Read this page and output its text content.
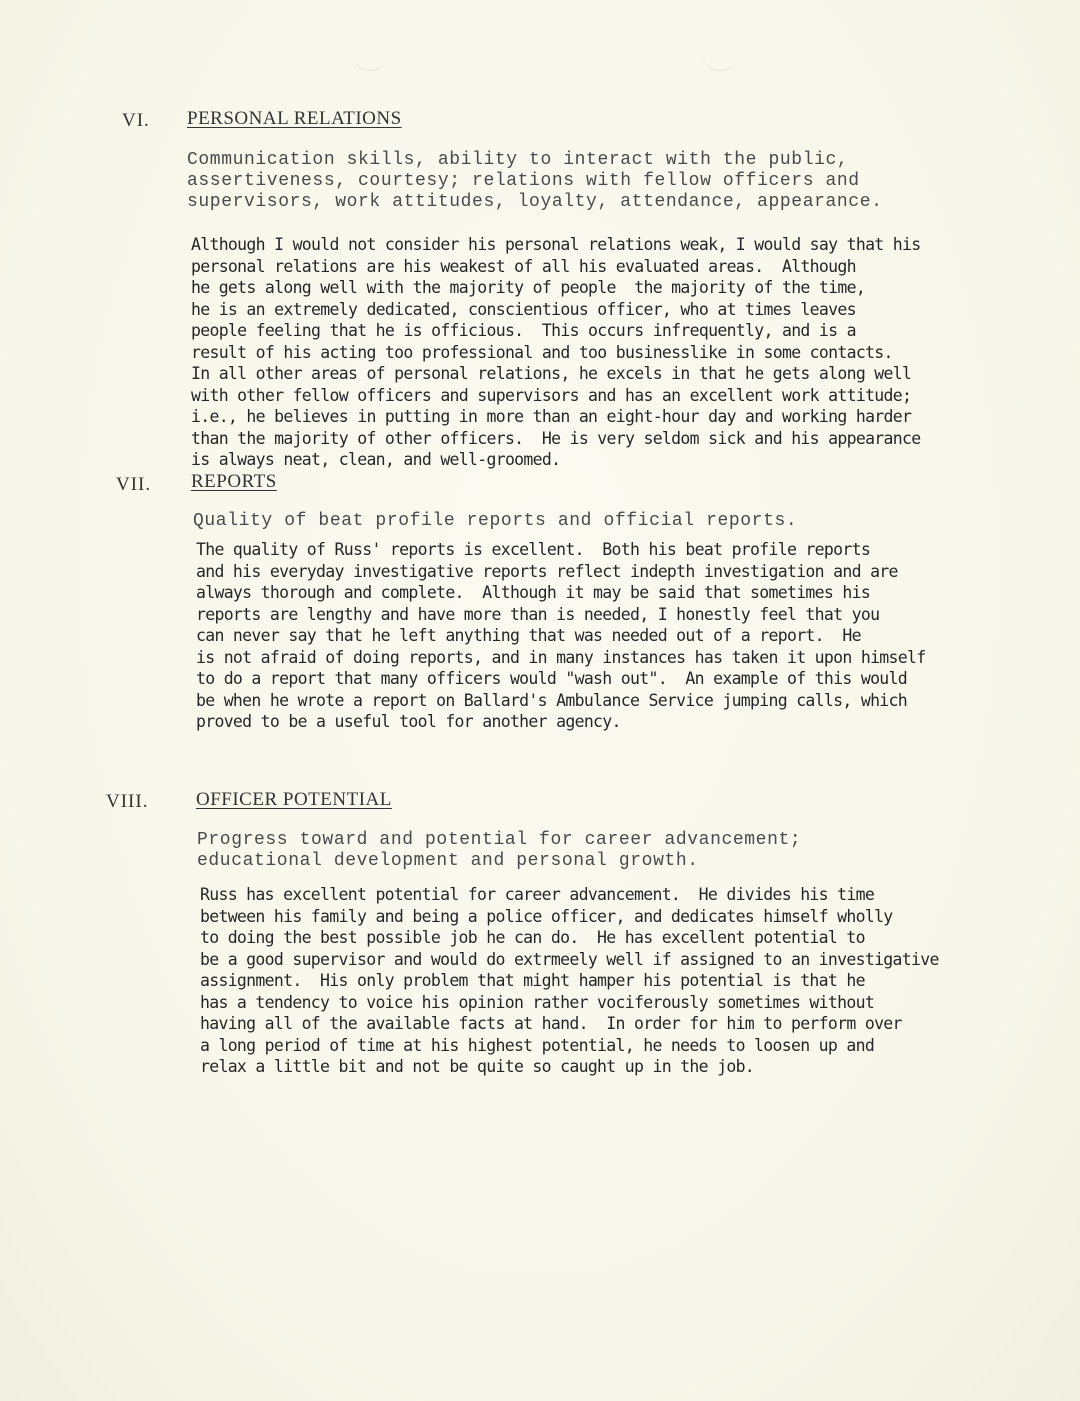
VI. PERSONAL RELATIONS
Communication skills, ability to interact with the public,
assertiveness, courtesy; relations with fellow officers and
supervisors, work attitudes, loyalty, attendance, appearance.
Although I would not consider his personal relations weak, I would say that his
personal relations are his weakest of all his evaluated areas.  Although
he gets along well with the majority of people  the majority of the time,
he is an extremely dedicated, conscientious officer, who at times leaves
people feeling that he is officious.  This occurs infrequently, and is a
result of his acting too professional and too businesslike in some contacts.
In all other areas of personal relations, he excels in that he gets along well
with other fellow officers and supervisors and has an excellent work attitude;
i.e., he believes in putting in more than an eight-hour day and working harder
than the majority of other officers.  He is very seldom sick and his appearance
is always neat, clean, and well-groomed.
VII. REPORTS
Quality of beat profile reports and official reports.
The quality of Russ' reports is excellent.  Both his beat profile reports
and his everyday investigative reports reflect indepth investigation and are
always thorough and complete.  Although it may be said that sometimes his
reports are lengthy and have more than is needed, I honestly feel that you
can never say that he left anything that was needed out of a report.  He
is not afraid of doing reports, and in many instances has taken it upon himself
to do a report that many officers would "wash out".  An example of this would
be when he wrote a report on Ballard's Ambulance Service jumping calls, which
proved to be a useful tool for another agency.
VIII.	OFFICER POTENTIAL
Progress toward and potential for career advancement;
educational development and personal growth.
Russ has excellent potential for career advancement.  He divides his time
between his family and being a police officer, and dedicates himself wholly
to doing the best possible job he can do.  He has excellent potential to
be a good supervisor and would do extrmeely well if assigned to an investigative
assignment.  His only problem that might hamper his potential is that he
has a tendency to voice his opinion rather vociferously sometimes without
having all of the available facts at hand.  In order for him to perform over
a long period of time at his highest potential, he needs to loosen up and
relax a little bit and not be quite so caught up in the job.
